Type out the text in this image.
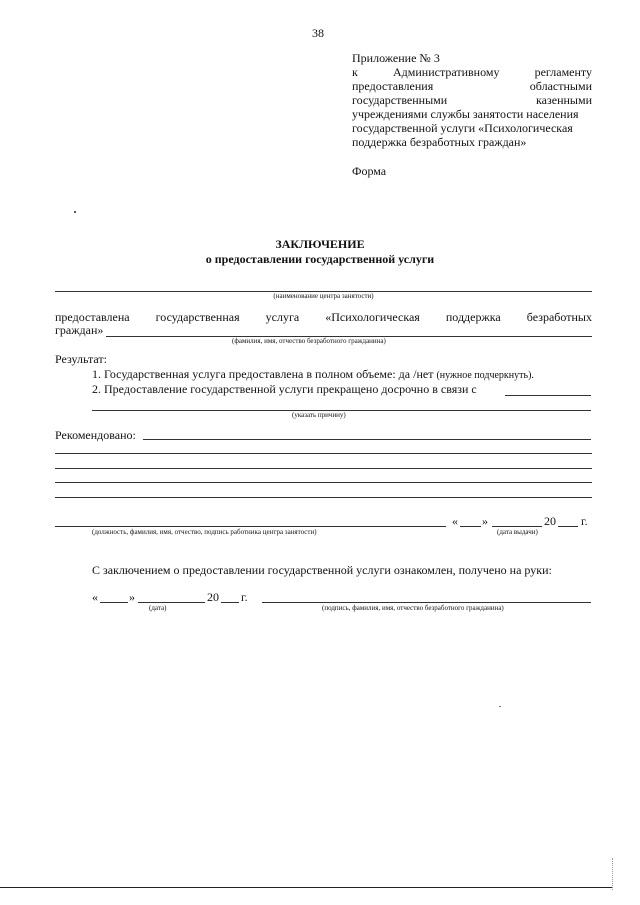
38
Приложение № 3
к	Административному	регламенту
предоставления	областными
государственными	казенными
учреждениями службы занятости населения
государственной услуги «Психологическая
поддержка безработных граждан»
Форма
ЗАКЛЮЧЕНИЕ
о предоставлении государственной услуги
(наименование центра занятости)
предоставлена государственная услуга «Психологическая поддержка безработных
граждан»
(фамилия, имя, отчество безработного гражданина)
Результат:
1. Государственная услуга предоставлена в полном объеме: да /нет (нужное подчеркнуть).
2. Предоставление государственной услуги прекращено досрочно в связи с
(указать причину)
Рекомендовано:
(должность, фамилия, имя, отчество, подпись работника центра занятости)
« »	20 г.
(дата выдачи)
С заключением о предоставлении государственной услуги ознакомлен, получено на руки:
«	»	20 г.
(дата)	(подпись, фамилия, имя, отчество безработного гражданина)
